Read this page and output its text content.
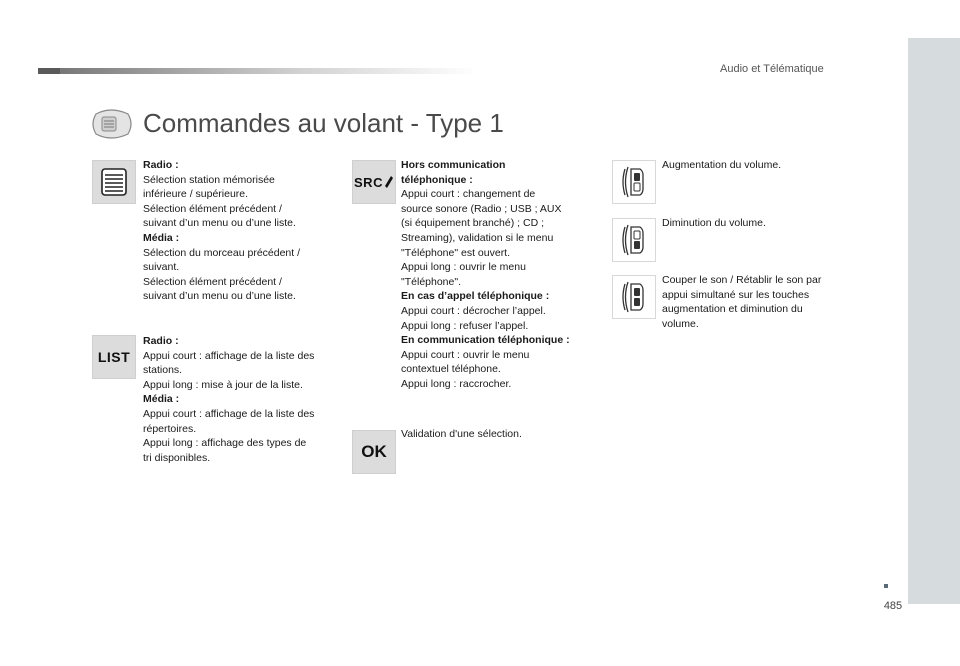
Audio et Télématique
Commandes au volant - Type 1
LIST

Radio :

Sélection station mémorisée

inférieure / supérieure.

Sélection élément précédent /

suivant d’un menu ou d’une liste.

Média :

Sélection du morceau précédent /

suivant.

Sélection élément précédent /

suivant d’un menu ou d’une liste.

Radio :

Appui court : affichage de la liste des

stations.

Appui long : mise à jour de la liste.

Média :

Appui court : affichage de la liste des

répertoires.

Appui long : affichage des types de

tri disponibles.

SRC
OK

Hors communication

téléphonique :

Appui court : changement de

source sonore (Radio ; USB ; AUX

(si équipement branché) ; CD ;

Streaming), validation si le menu

"Téléphone" est ouvert.

Appui long : ouvrir le menu

"Téléphone".

En cas d’appel téléphonique :

Appui court : décrocher l’appel.

Appui long : refuser l’appel.

En communication téléphonique :

Appui court : ouvrir le menu

contextuel téléphone.

Appui long : raccrocher.

Validation d'une sélection.

Augmentation du volume.

Diminution du volume.

Couper le son / Rétablir le son par

appui simultané sur les touches

augmentation et diminution du

volume.

485
